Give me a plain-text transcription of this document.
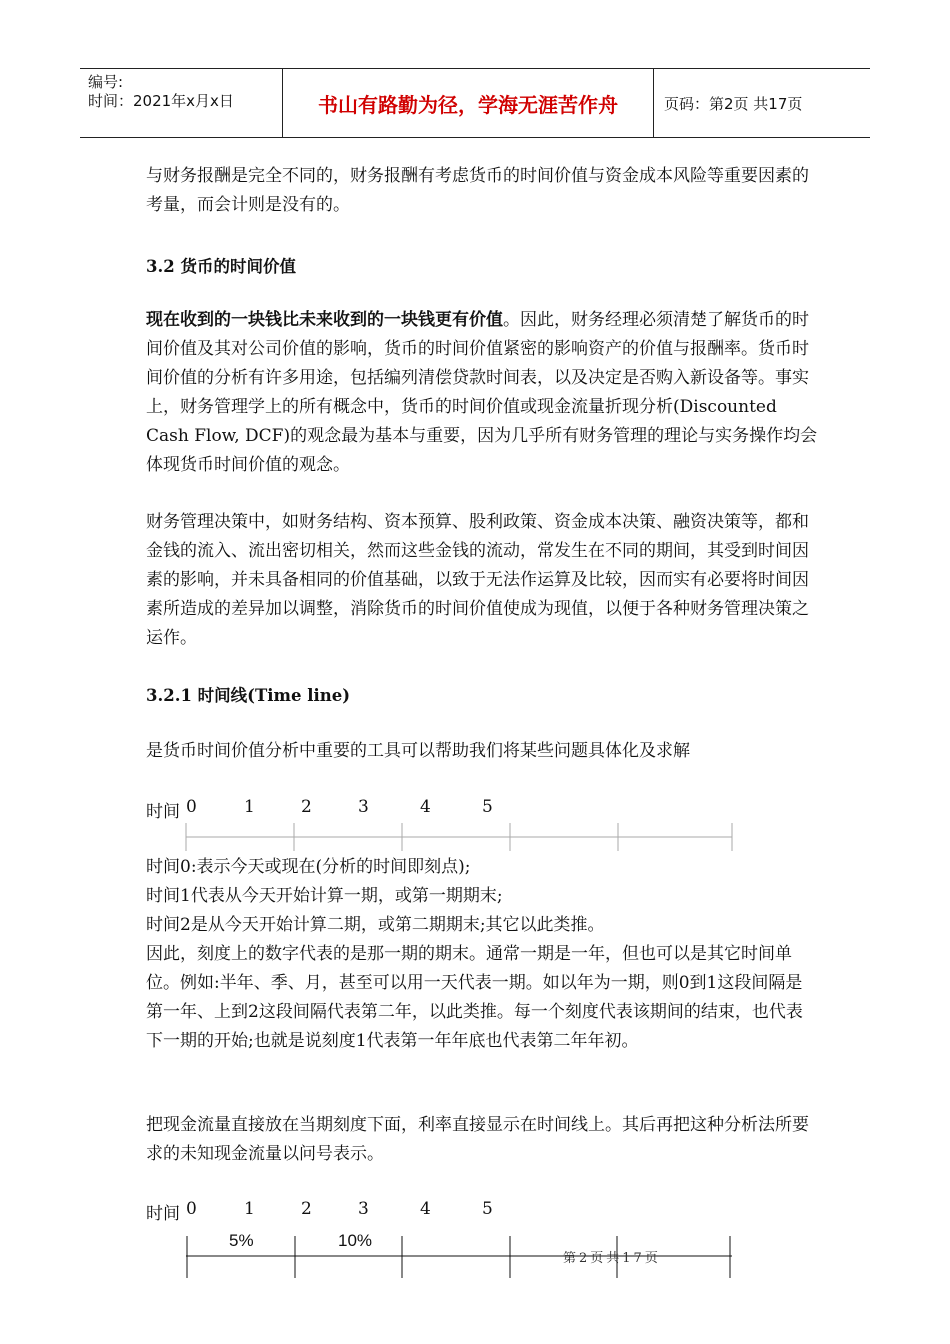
编号:
时间：2021年x月x日	书山有路勤为径，学海无涯苦作舟	页码：第2页 共17页

与财务报酬是完全不同的，财务报酬有考虑货币的时间价值与资金成本风险等重要因素的考量，而会计则是没有的。

3.2 货币的时间价值

现在收到的一块钱比未来收到的一块钱更有价值。因此，财务经理必须清楚了解货币的时间价值及其对公司价值的影响，货币的时间价值紧密的影响资产的价值与报酬率。货币时间价值的分析有许多用途，包括编列清偿贷款时间表，以及决定是否购入新设备等。事实上，财务管理学上的所有概念中，货币的时间价值或现金流量折现分析(Discounted Cash Flow, DCF)的观念最为基本与重要，因为几乎所有财务管理的理论与实务操作均会体现货币时间价值的观念。

财务管理决策中，如财务结构、资本预算、股利政策、资金成本决策、融资决策等，都和金钱的流入、流出密切相关，然而这些金钱的流动，常发生在不同的期间，其受到时间因素的影响，并未具备相同的价值基础，以致于无法作运算及比较，因而实有必要将时间因素所造成的差异加以调整，消除货币的时间价值使成为现值，以便于各种财务管理决策之运作。

3.2.1 时间线(Time line)

是货币时间价值分析中重要的工具可以帮助我们将某些问题具体化及求解

时间 0	1	2	3	4	5
时间0:表示今天或现在(分析的时间即刻点);
时间1代表从今天开始计算一期，或第一期期末;
时间2是从今天开始计算二期，或第二期期末;其它以此类推。
因此，刻度上的数字代表的是那一期的期末。通常一期是一年，但也可以是其它时间单位。例如:半年、季、月，甚至可以用一天代表一期。如以年为一期，则0到1这段间隔是第一年、上到2这段间隔代表第二年，以此类推。每一个刻度代表该期间的结束，也代表下一期的开始;也就是说刻度1代表第一年年底也代表第二年年初。

把现金流量直接放在当期刻度下面，利率直接显示在时间线上。其后再把这种分析法所要求的未知现金流量以问号表示。

时间 0	1	2	3	4	5
5%	10%
第2页共17页
